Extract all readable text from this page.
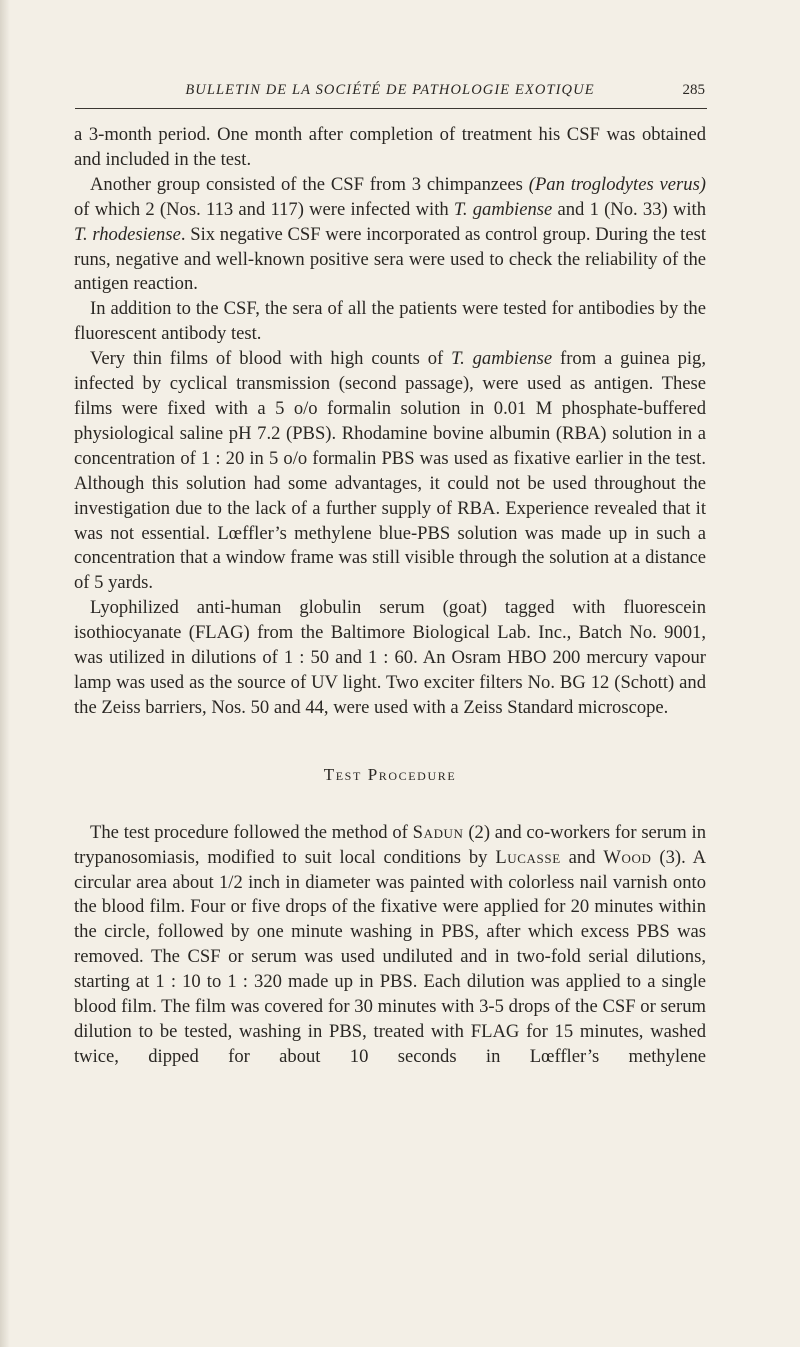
BULLETIN DE LA SOCIÉTÉ DE PATHOLOGIE EXOTIQUE	285

a 3-month period. One month after completion of treatment his CSF was obtained and included in the test.

Another group consisted of the CSF from 3 chimpanzees (Pan troglodytes verus) of which 2 (Nos. 113 and 117) were infected with T. gambiense and 1 (No. 33) with T. rhodesiense. Six negative CSF were incorporated as control group. During the test runs, negative and well-known positive sera were used to check the reliability of the antigen reaction.

In addition to the CSF, the sera of all the patients were tested for antibodies by the fluorescent antibody test.

Very thin films of blood with high counts of T. gambiense from a guinea pig, infected by cyclical transmission (second passage), were used as antigen. These films were fixed with a 5 o/o formalin solution in 0.01 M phosphate-buffered physiological saline pH 7.2 (PBS). Rhodamine bovine albumin (RBA) solution in a concentration of 1 : 20 in 5 o/o formalin PBS was used as fixative earlier in the test. Although this solution had some advantages, it could not be used throughout the investigation due to the lack of a further supply of RBA. Experience revealed that it was not essential. Lœffler’s methylene blue-PBS solution was made up in such a concentration that a window frame was still visible through the solution at a distance of 5 yards.

Lyophilized anti-human globulin serum (goat) tagged with fluorescein isothiocyanate (FLAG) from the Baltimore Biological Lab. Inc., Batch No. 9001, was utilized in dilutions of 1 : 50 and 1 : 60. An Osram HBO 200 mercury vapour lamp was used as the source of UV light. Two exciter filters No. BG 12 (Schott) and the Zeiss barriers, Nos. 50 and 44, were used with a Zeiss Standard microscope.

Test Procedure

The test procedure followed the method of Sadun (2) and co-workers for serum in trypanosomiasis, modified to suit local conditions by Lucasse and Wood (3). A circular area about 1/2 inch in diameter was painted with colorless nail varnish onto the blood film. Four or five drops of the fixative were applied for 20 minutes within the circle, followed by one minute washing in PBS, after which excess PBS was removed. The CSF or serum was used undiluted and in two-fold serial dilutions, starting at 1 : 10 to 1 : 320 made up in PBS. Each dilution was applied to a single blood film. The film was covered for 30 minutes with 3-5 drops of the CSF or serum dilution to be tested, washing in PBS, treated with FLAG for 15 minutes, washed twice, dipped for about 10 seconds in Lœffler’s methylene
